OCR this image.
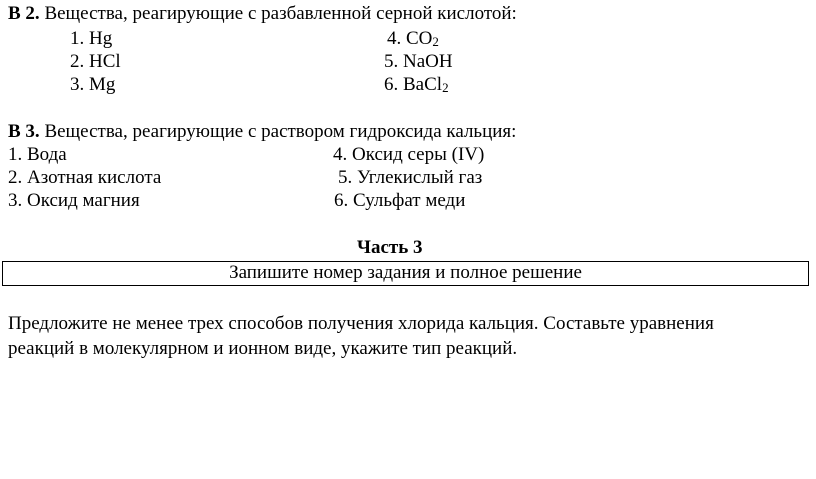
В 2. Вещества, реагирующие с разбавленной серной кислотой:
1. Hg
2. HCl
3. Mg
4. $CO_2$
5. NaOH
6. BaCl$_2$
В 3. Вещества, реагирующие с раствором гидроксида кальция:
1. Вода
2. Азотная кислота
3. Оксид магния
4. Оксид серы (IV)
5. Углекислый газ
6. Сульфат меди
Часть 3
Запишите номер задания и полное решение
Предложите не менее трех способов получения хлорида кальция. Составьте уравнения
реакций в молекулярном и ионном виде, укажите тип реакций.
